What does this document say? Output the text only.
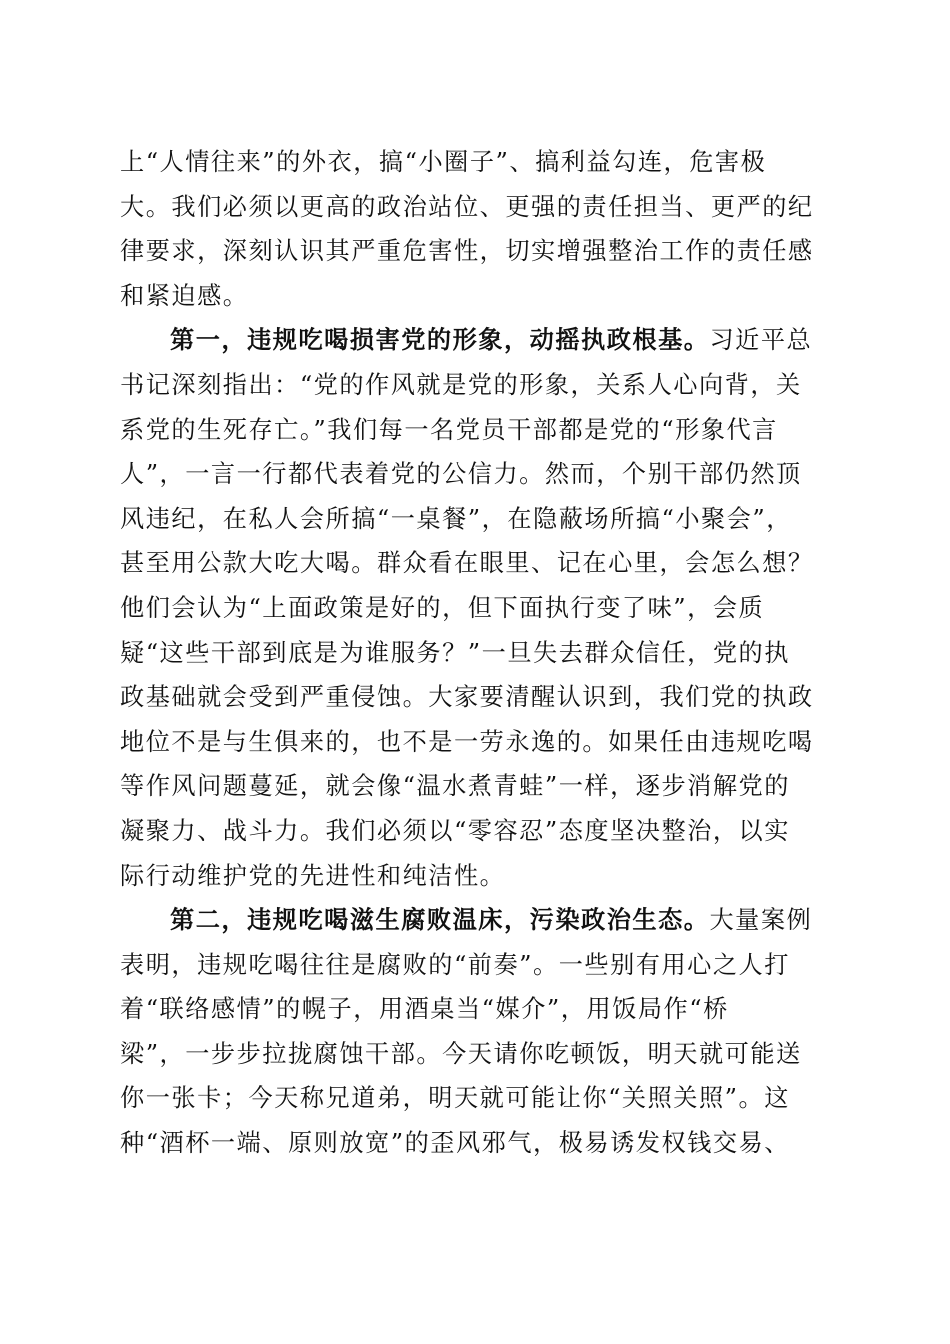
上“人情往来”的外衣，搞“小圈子”、搞利益勾连，危害极
大。我们必须以更高的政治站位、更强的责任担当、更严的纪
律要求，深刻认识其严重危害性，切实增强整治工作的责任感
和紧迫感。
第一，违规吃喝损害党的形象，动摇执政根基。习近平总
书记深刻指出：“党的作风就是党的形象，关系人心向背，关
系党的生死存亡。”我们每一名党员干部都是党的“形象代言
人”，一言一行都代表着党的公信力。然而，个别干部仍然顶
风违纪，在私人会所搞“一桌餐”，在隐蔽场所搞“小聚会”，
甚至用公款大吃大喝。群众看在眼里、记在心里，会怎么想？
他们会认为“上面政策是好的，但下面执行变了味”，会质
疑“这些干部到底是为谁服务？”一旦失去群众信任，党的执
政基础就会受到严重侵蚀。大家要清醒认识到，我们党的执政
地位不是与生俱来的，也不是一劳永逸的。如果任由违规吃喝
等作风问题蔓延，就会像“温水煮青蛙”一样，逐步消解党的
凝聚力、战斗力。我们必须以“零容忍”态度坚决整治，以实
际行动维护党的先进性和纯洁性。
第二，违规吃喝滋生腐败温床，污染政治生态。大量案例
表明，违规吃喝往往是腐败的“前奏”。一些别有用心之人打
着“联络感情”的幌子，用酒桌当“媒介”，用饭局作“桥
梁”，一步步拉拢腐蚀干部。今天请你吃顿饭，明天就可能送
你一张卡；今天称兄道弟，明天就可能让你“关照关照”。这
种“酒杯一端、原则放宽”的歪风邪气，极易诱发权钱交易、
